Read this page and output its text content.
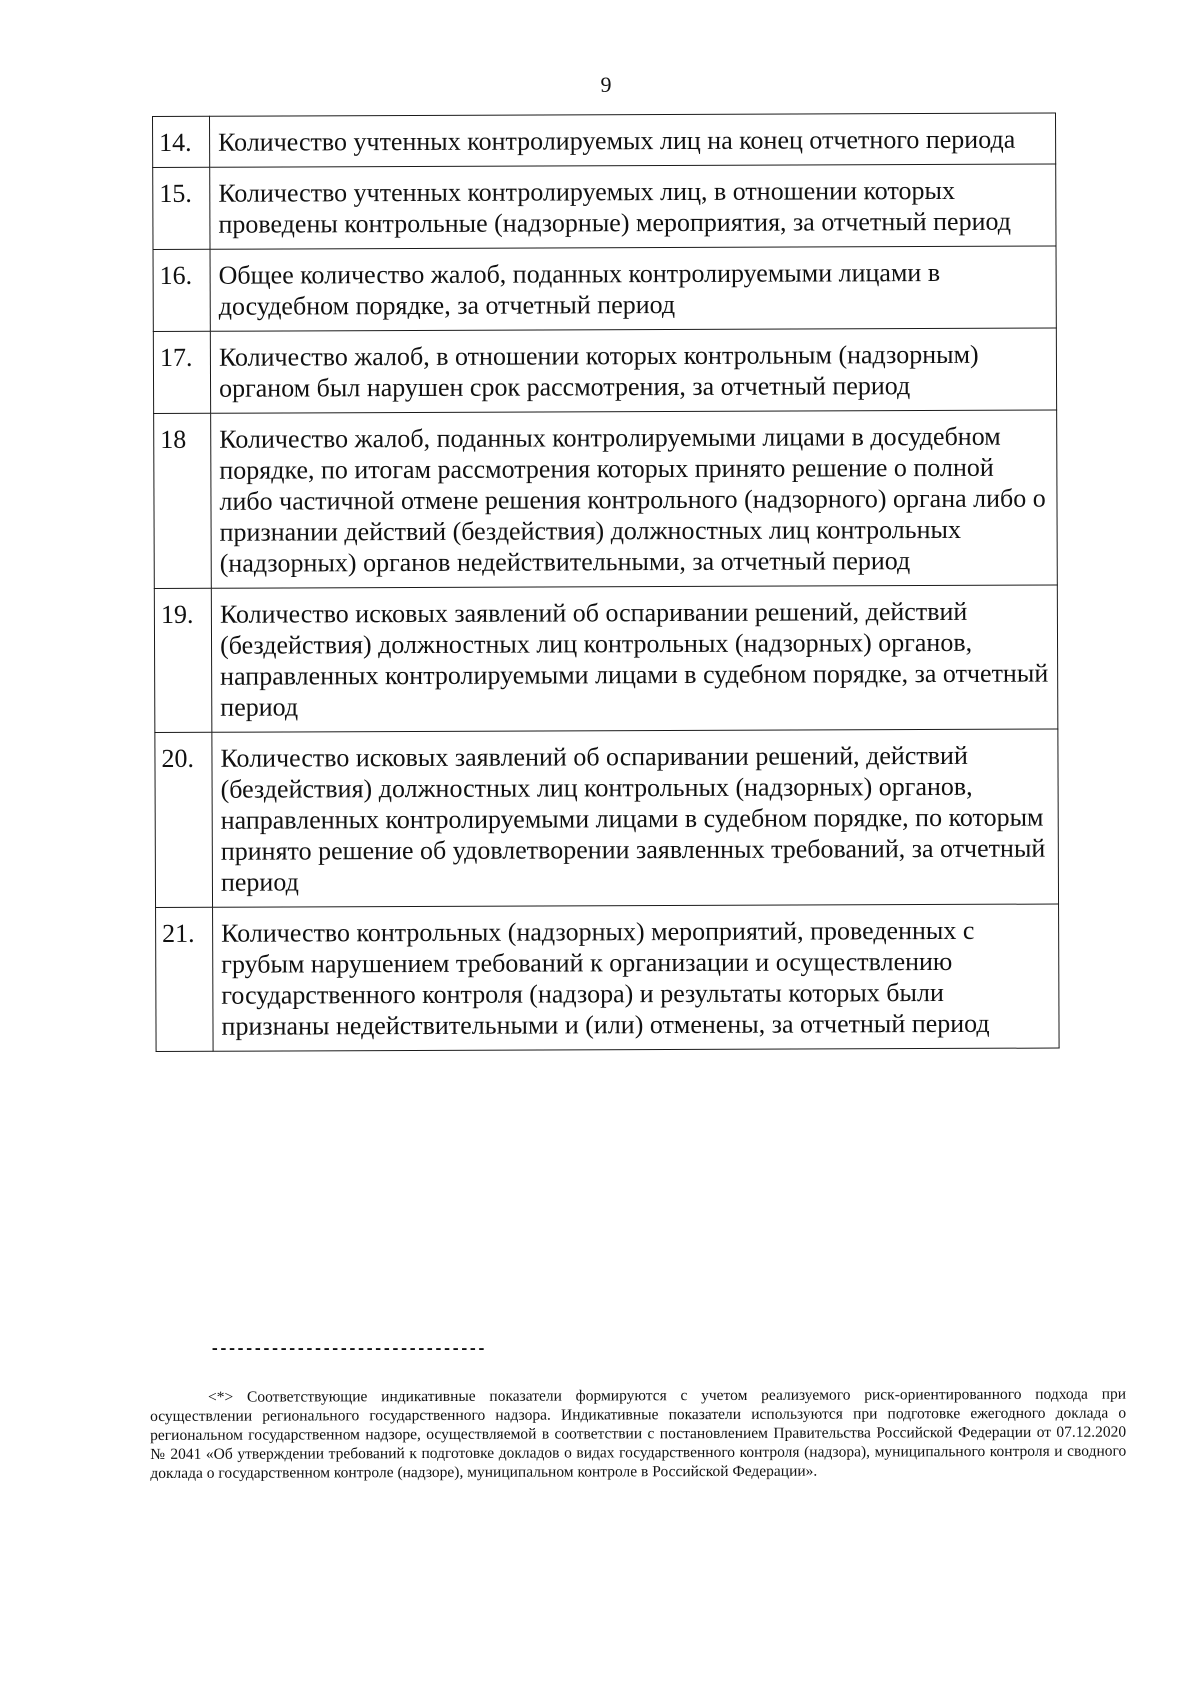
9
14.	Количество учтенных контролируемых лиц на конец отчетного периода
15.	Количество учтенных контролируемых лиц, в отношении которых проведены контрольные (надзорные) мероприятия, за отчетный период
16.	Общее количество жалоб, поданных контролируемыми лицами в досудебном порядке, за отчетный период
17.	Количество жалоб, в отношении которых контрольным (надзорным) органом был нарушен срок рассмотрения, за отчетный период
18	Количество жалоб, поданных контролируемыми лицами в досудебном порядке, по итогам рассмотрения которых принято решение о полной либо частичной отмене решения контрольного (надзорного) органа либо о признании действий (бездействия) должностных лиц контрольных (надзорных) органов недействительными, за отчетный период
19.	Количество исковых заявлений об оспаривании решений, действий (бездействия) должностных лиц контрольных (надзорных) органов, направленных контролируемыми лицами в судебном порядке, за отчетный период
20.	Количество исковых заявлений об оспаривании решений, действий (бездействия) должностных лиц контрольных (надзорных) органов, направленных контролируемыми лицами в судебном порядке, по которым принято решение об удовлетворении заявленных требований, за отчетный период
21.	Количество контрольных (надзорных) мероприятий, проведенных с грубым нарушением требований к организации и осуществлению государственного контроля (надзора) и результаты которых были признаны недействительными и (или) отменены, за отчетный период
--------------------------------
<*> Соответствующие индикативные показатели формируются с учетом реализуемого риск-ориентированного подхода при осуществлении регионального государственного надзора. Индикативные показатели используются при подготовке ежегодного доклада о региональном государственном надзоре, осуществляемой в соответствии с постановлением Правительства Российской Федерации от 07.12.2020 № 2041 «Об утверждении требований к подготовке докладов о видах государственного контроля (надзора), муниципального контроля и сводного доклада о государственном контроле (надзоре), муниципальном контроле в Российской Федерации».
